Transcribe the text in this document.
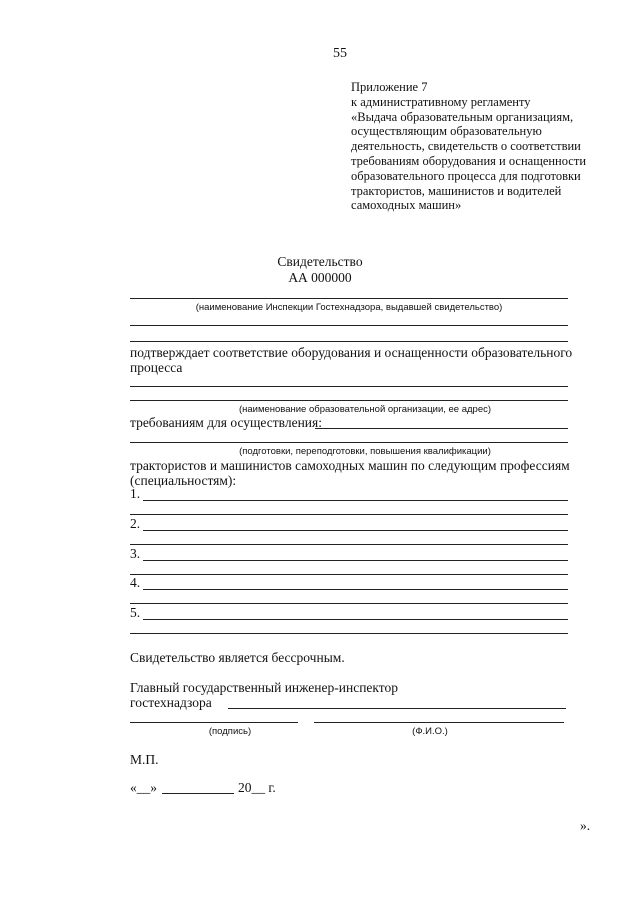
55
Приложение 7
к административному регламенту
«Выдача образовательным организациям,
осуществляющим образовательную
деятельность, свидетельств о соответствии
требованиям оборудования и оснащенности
образовательного процесса для подготовки
трактористов, машинистов и водителей
самоходных машин»
Свидетельство
АА 000000
(наименование Инспекции Гостехнадзора, выдавшей свидетельство)
подтверждает соответствие оборудования и оснащенности образовательного
процесса
(наименование образовательной организации, ее адрес)
требованиям для осуществления:
(подготовки, переподготовки, повышения квалификации)
трактористов и машинистов самоходных машин по следующим профессиям
(специальностям):
1.
2.
3.
4.
5.
Свидетельство является бессрочным.
Главный государственный инженер-инспектор
гостехнадзора
(подпись)	(Ф.И.О.)
М.П.
«__»	20__ г.
».
